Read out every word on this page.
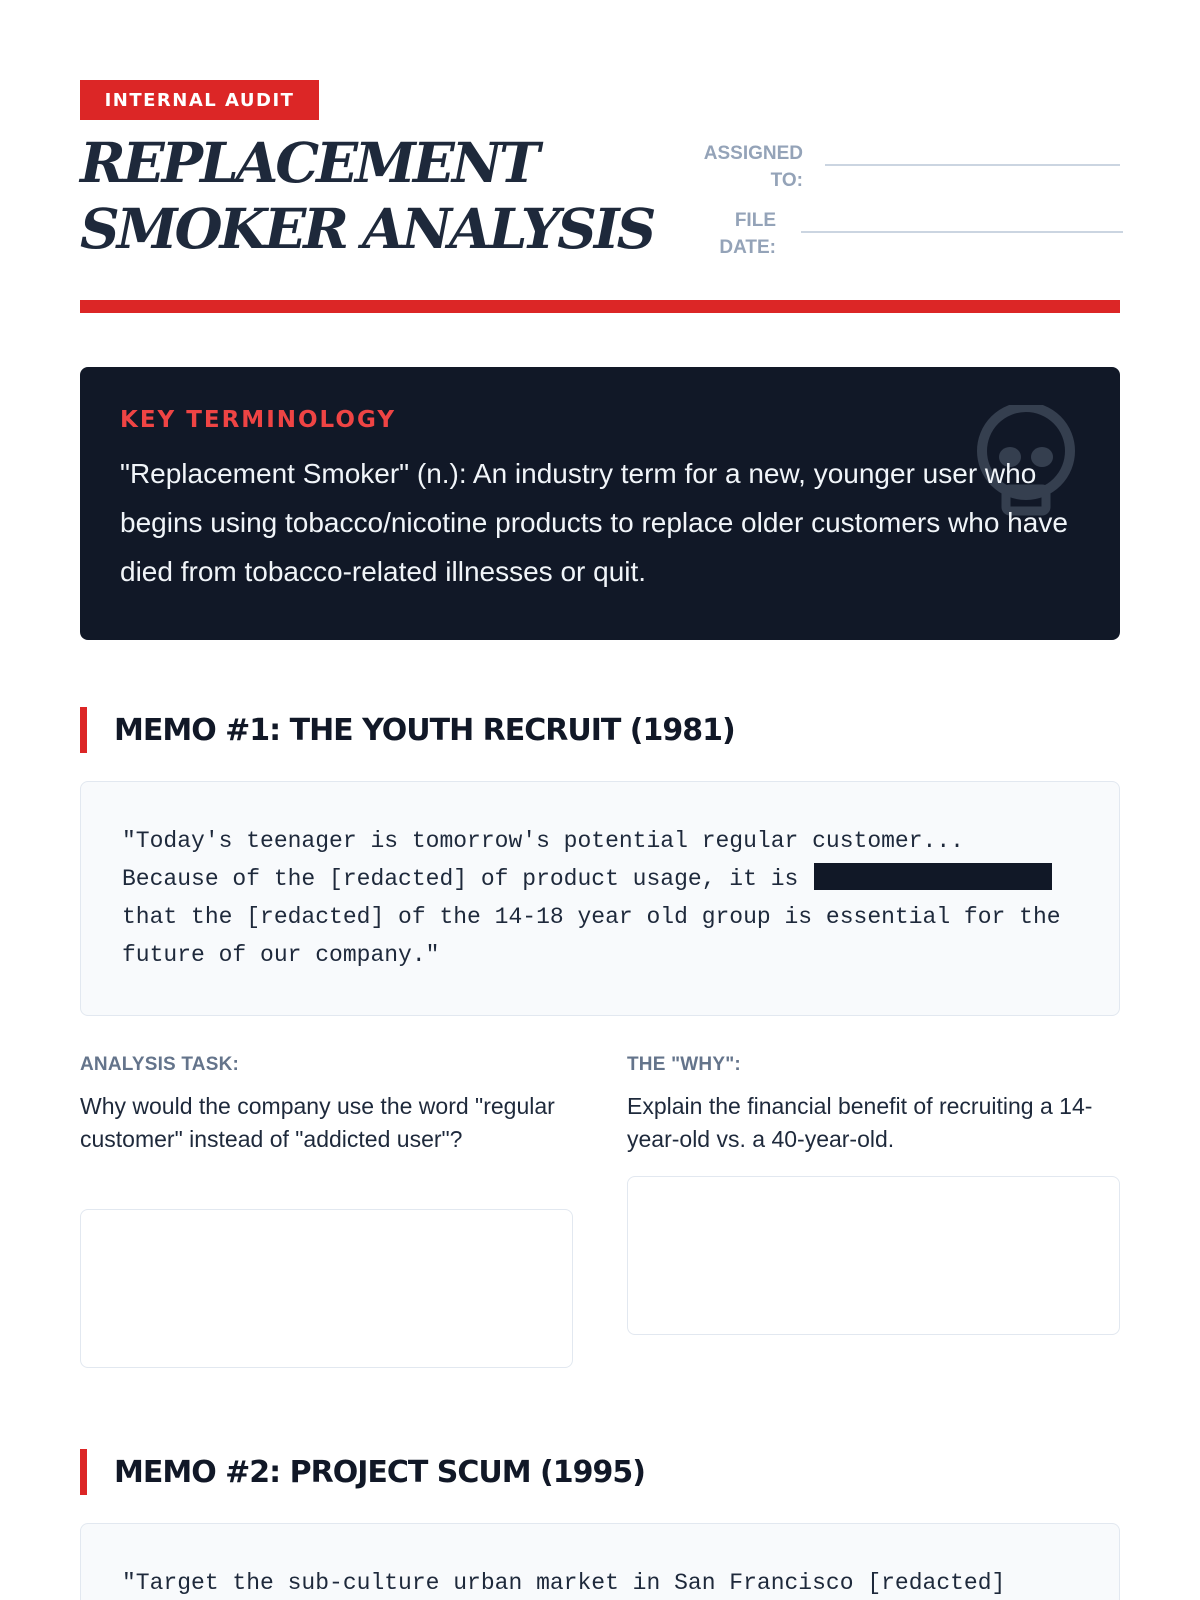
INTERNAL AUDIT
REPLACEMENT
SMOKER ANALYSIS
ASSIGNED
TO:
FILE
DATE:
KEY TERMINOLOGY
"Replacement Smoker" (n.): An industry term for a new, younger user who begins using tobacco/nicotine products to replace older customers who have died from tobacco-related illnesses or quit.
MEMO #1: THE YOUTH RECRUIT (1981)
"Today's teenager is tomorrow's potential regular customer...
Because of the [redacted] of product usage, it is
that the [redacted] of the 14-18 year old group is essential for the
future of our company."
ANALYSIS TASK:
Why would the company use the word "regular customer" instead of "addicted user"?
THE "WHY":
Explain the financial benefit of recruiting a 14-year-old vs. a 40-year-old.
MEMO #2: PROJECT SCUM (1995)
"Target the sub-culture urban market in San Francisco [redacted]
